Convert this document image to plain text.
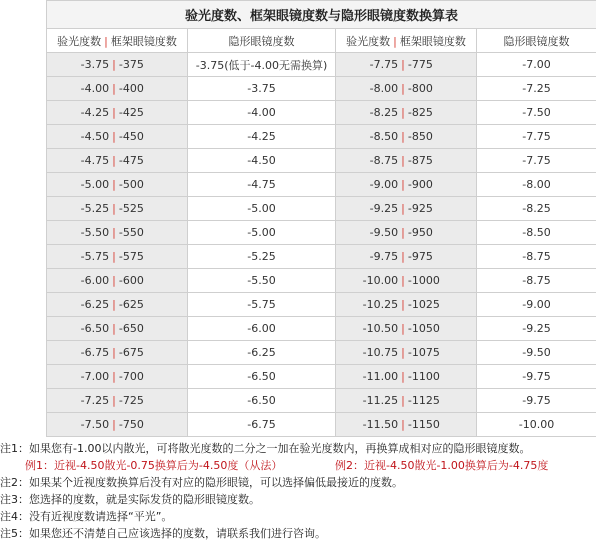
验光度数、框架眼镜度数与隐形眼镜度数换算表			
验光度数 | 框架眼镜度数	隐形眼镜度数	验光度数 | 框架眼镜度数	隐形眼镜度数
-3.75 | -375	-3.75(低于-4.00无需换算)	-7.75 | -775	-7.00
-4.00 | -400	-3.75	-8.00 | -800	-7.25
-4.25 | -425	-4.00	-8.25 | -825	-7.50
-4.50 | -450	-4.25	-8.50 | -850	-7.75
-4.75 | -475	-4.50	-8.75 | -875	-7.75
-5.00 | -500	-4.75	-9.00 | -900	-8.00
-5.25 | -525	-5.00	-9.25 | -925	-8.25
-5.50 | -550	-5.00	-9.50 | -950	-8.50
-5.75 | -575	-5.25	-9.75 | -975	-8.75
-6.00 | -600	-5.50	-10.00 | -1000	-8.75
-6.25 | -625	-5.75	-10.25 | -1025	-9.00
-6.50 | -650	-6.00	-10.50 | -1050	-9.25
-6.75 | -675	-6.25	-10.75 | -1075	-9.50
-7.00 | -700	-6.50	-11.00 | -1100	-9.75
-7.25 | -725	-6.50	-11.25 | -1125	-9.75
-7.50 | -750	-6.75	-11.50 | -1150	-10.00
注1：如果您有-1.00以内散光，可将散光度数的二分之一加在验光度数内，再换算成相对应的隐形眼镜度数。
例1：近视-4.50散光-0.75换算后为-4.50度（从法）	例2：近视-4.50散光-1.00换算后为-4.75度
注2：如果某个近视度数换算后没有对应的隐形眼镜，可以选择偏低最接近的度数。
注3：您选择的度数，就是实际发货的隐形眼镜度数。
注4：没有近视度数请选择“平光”。
注5：如果您还不清楚自己应该选择的度数，请联系我们进行咨询。
